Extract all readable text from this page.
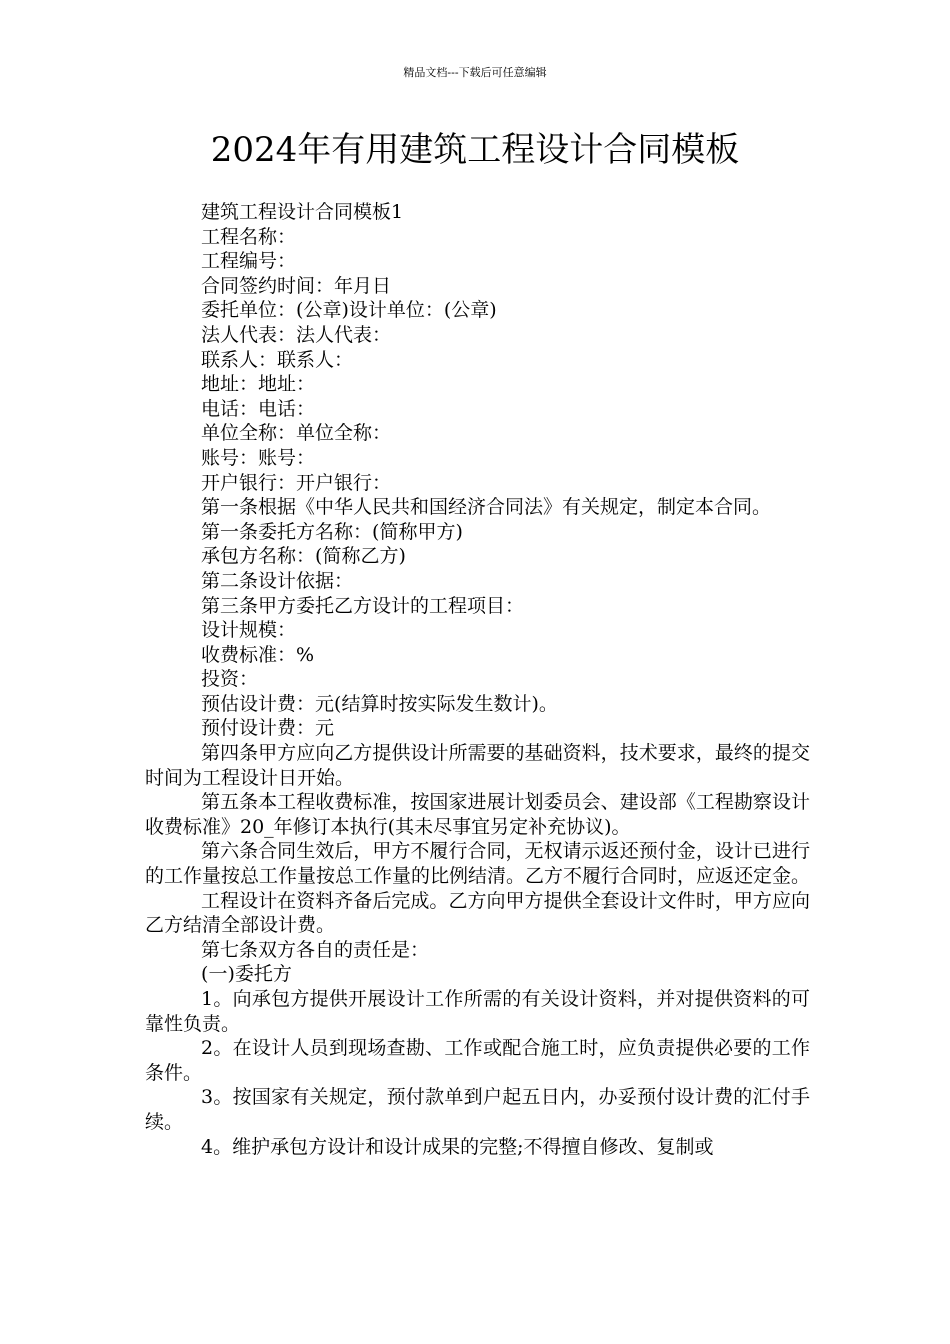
精品文档---下载后可任意编辑
2024年有用建筑工程设计合同模板

建筑工程设计合同模板1

工程名称：

工程编号：

合同签约时间：年月日

委托单位：(公章)设计单位：(公章)

法人代表：法人代表：

联系人：联系人：

地址：地址：

电话：电话：

单位全称：单位全称：

账号：账号：

开户银行：开户银行：

第一条根据《中华人民共和国经济合同法》有关规定，制定本合同。

第一条委托方名称：(简称甲方)

承包方名称：(简称乙方)

第二条设计依据：

第三条甲方委托乙方设计的工程项目：

设计规模：

收费标准：%

投资：

预估设计费：元(结算时按实际发生数计)。

预付设计费：元

第四条甲方应向乙方提供设计所需要的基础资料，技术要求，最终的提交时间为工程设计日开始。

第五条本工程收费标准，按国家进展计划委员会、建设部《工程勘察设计收费标准》20_年修订本执行(其未尽事宜另定补充协议)。

第六条合同生效后，甲方不履行合同，无权请示返还预付金，设计已进行的工作量按总工作量按总工作量的比例结清。乙方不履行合同时，应返还定金。

工程设计在资料齐备后完成。乙方向甲方提供全套设计文件时，甲方应向乙方结清全部设计费。

第七条双方各自的责任是：

(一)委托方

1。向承包方提供开展设计工作所需的有关设计资料，并对提供资料的可靠性负责。

2。在设计人员到现场查勘、工作或配合施工时，应负责提供必要的工作条件。

3。按国家有关规定，预付款单到户起五日内，办妥预付设计费的汇付手续。

4。维护承包方设计和设计成果的完整;不得擅自修改、复制或
